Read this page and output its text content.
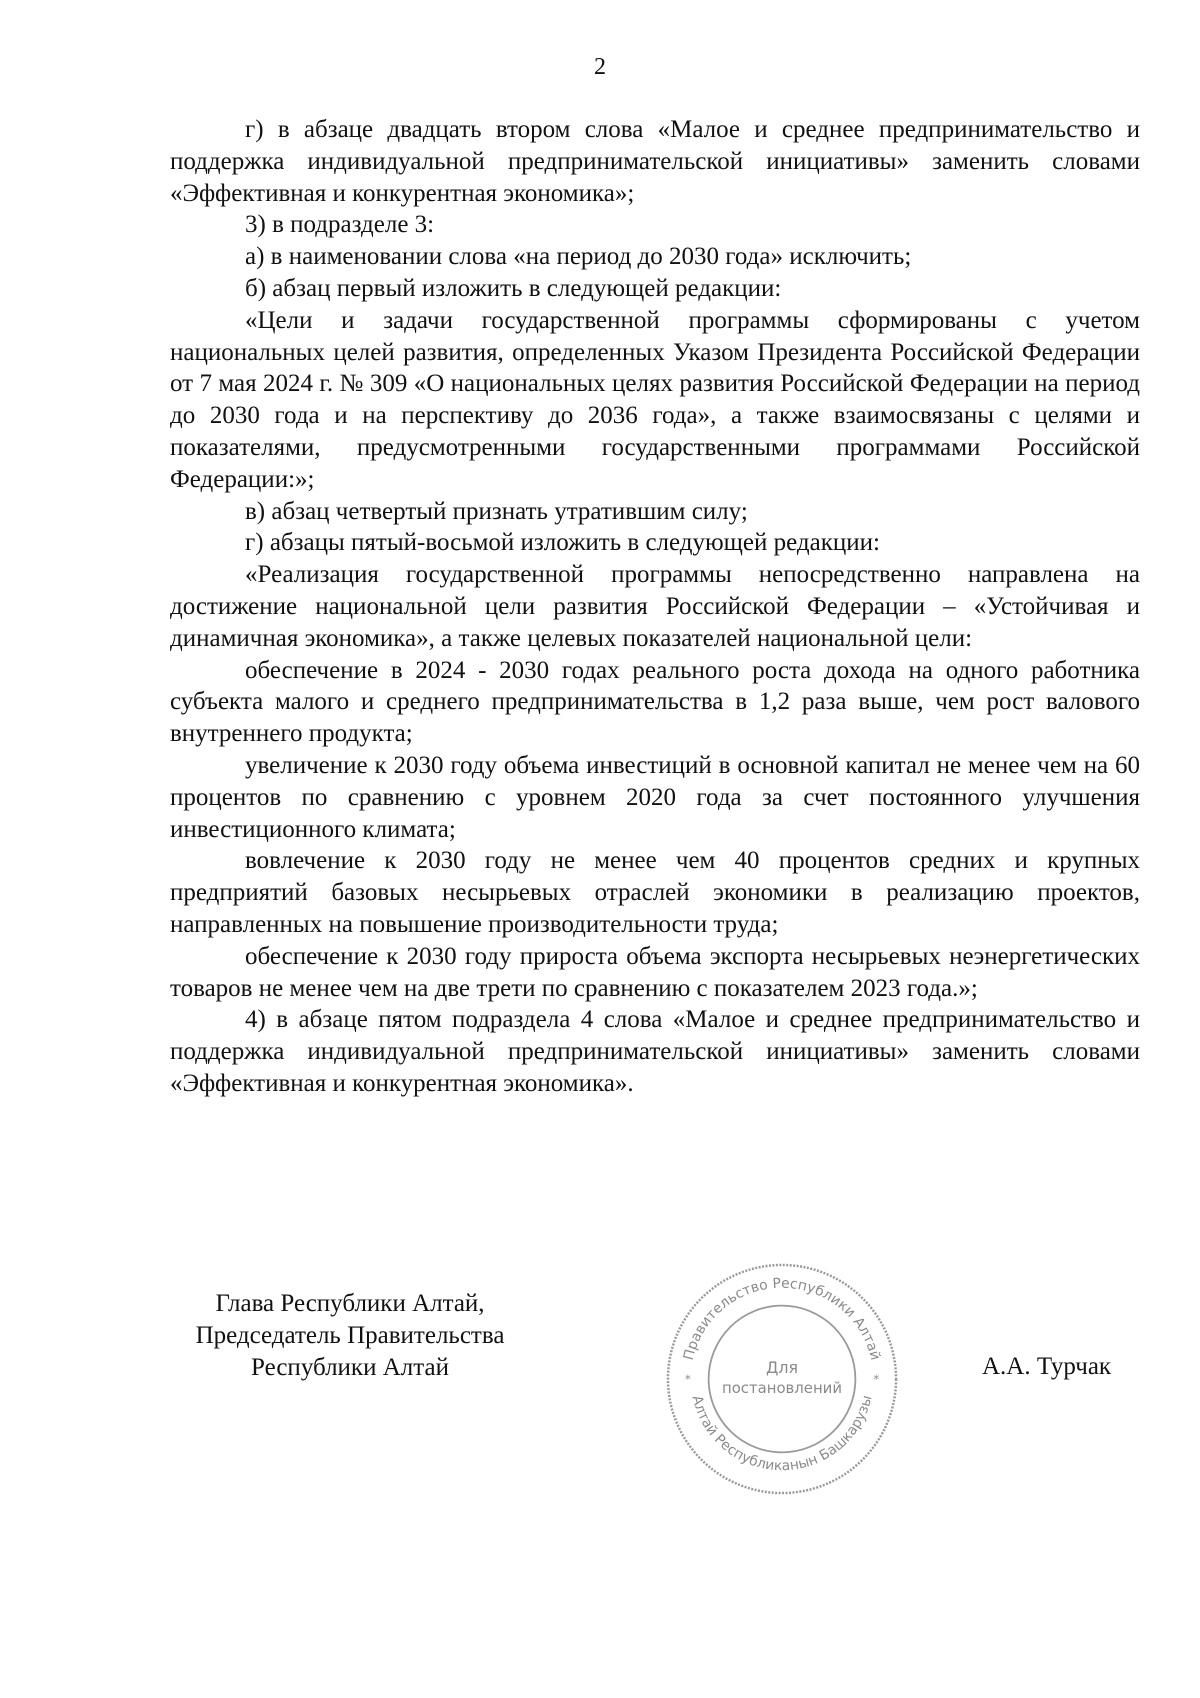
2

г) в абзаце двадцать втором слова «Малое и среднее предпринимательство и поддержка индивидуальной предпринимательской инициативы» заменить словами «Эффективная и конкурентная экономика»;

3) в подразделе 3:

а) в наименовании слова «на период до 2030 года» исключить;

б) абзац первый изложить в следующей редакции:

«Цели и задачи государственной программы сформированы с учетом национальных целей развития, определенных Указом Президента Российской Федерации от 7 мая 2024 г. № 309 «О национальных целях развития Российской Федерации на период до 2030 года и на перспективу до 2036 года», а также взаимосвязаны с целями и показателями, предусмотренными государственными программами Российской Федерации:»;

в) абзац четвертый признать утратившим силу;

г) абзацы пятый-восьмой изложить в следующей редакции:

«Реализация государственной программы непосредственно направлена на достижение национальной цели развития Российской Федерации – «Устойчивая и динамичная экономика», а также целевых показателей национальной цели:

обеспечение в 2024 - 2030 годах реального роста дохода на одного работника субъекта малого и среднего предпринимательства в 1,2 раза выше, чем рост валового внутреннего продукта;

увеличение к 2030 году объема инвестиций в основной капитал не менее чем на 60 процентов по сравнению с уровнем 2020 года за счет постоянного улучшения инвестиционного климата;

вовлечение к 2030 году не менее чем 40 процентов средних и крупных предприятий базовых несырьевых отраслей экономики в реализацию проектов, направленных на повышение производительности труда;

обеспечение к 2030 году прироста объема экспорта несырьевых неэнергетических товаров не менее чем на две трети по сравнению с показателем 2023 года.»;

4) в абзаце пятом подраздела 4 слова «Малое и среднее предпринимательство и поддержка индивидуальной предпринимательской инициативы» заменить словами «Эффективная и конкурентная экономика».

Глава Республики Алтай,
Председатель Правительства
Республики Алтай	Правительство Республики Алтай
Алтай Республиканын Башкарузы
*	*
Для
постановлений
А.А. Турчак
